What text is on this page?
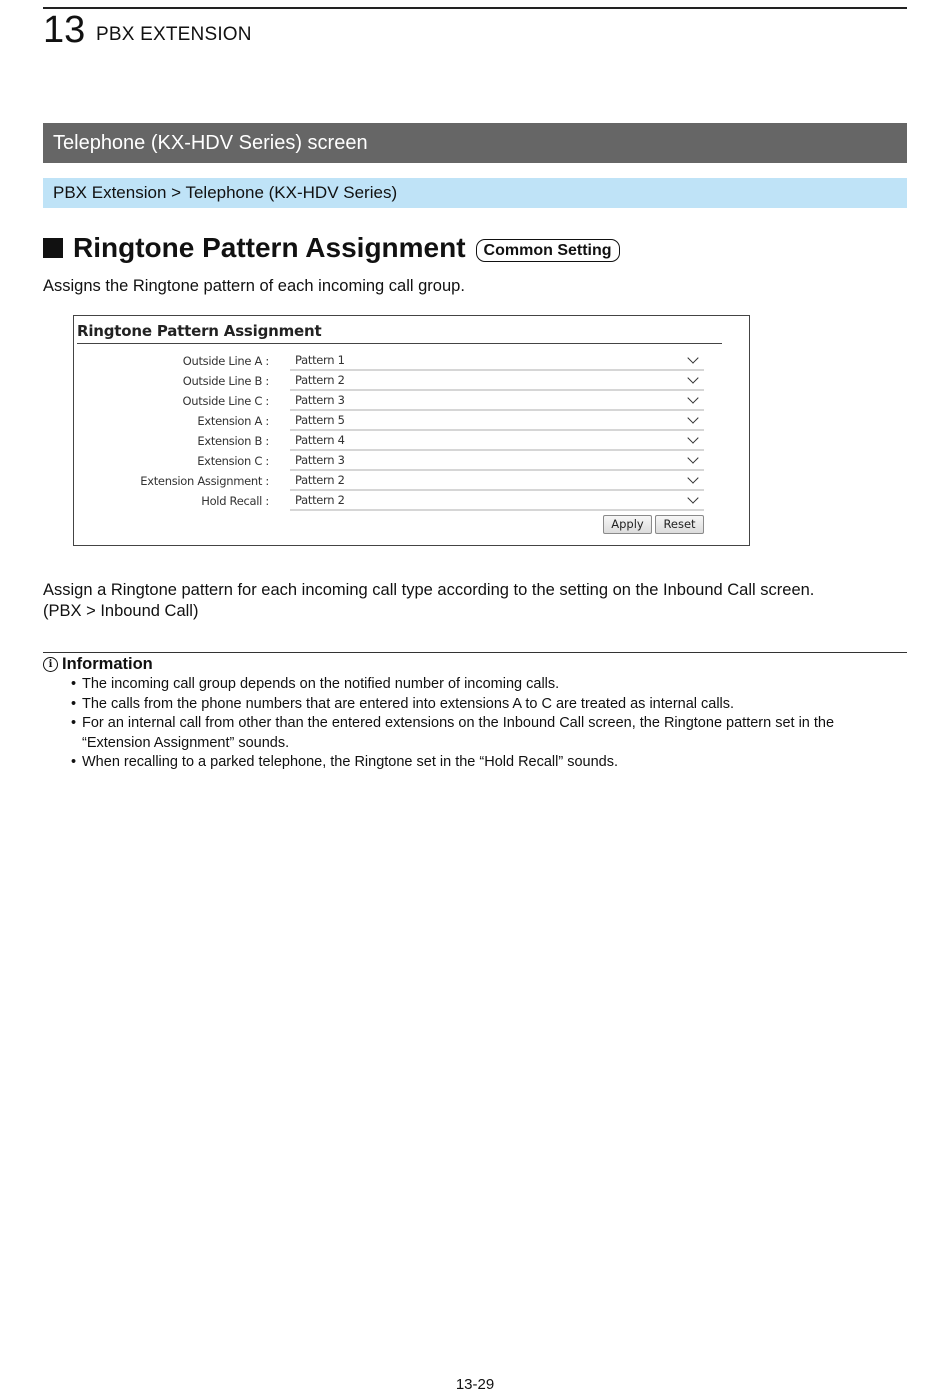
13 PBX EXTENSION
Telephone (KX-HDV Series) screen
PBX Extension > Telephone (KX-HDV Series)
Ringtone Pattern Assignment	Common Setting
Assigns the Ringtone pattern of each incoming call group.
Ringtone Pattern Assignment
Outside Line A : Pattern 1
Outside Line B : Pattern 2
Outside Line C : Pattern 3
Extension A : Pattern 5
Extension B : Pattern 4
Extension C : Pattern 3
Extension Assignment : Pattern 2
Hold Recall : Pattern 2
Apply	Reset
Assign a Ringtone pattern for each incoming call type according to the setting on the Inbound Call screen.
(PBX > Inbound Call)
i Information
• The incoming call group depends on the notified number of incoming calls.
• The calls from the phone numbers that are entered into extensions A to C are treated as internal calls.
• For an internal call from other than the entered extensions on the Inbound Call screen, the Ringtone pattern set in the “Extension Assignment” sounds.
• When recalling to a parked telephone, the Ringtone set in the “Hold Recall” sounds.
13-29
